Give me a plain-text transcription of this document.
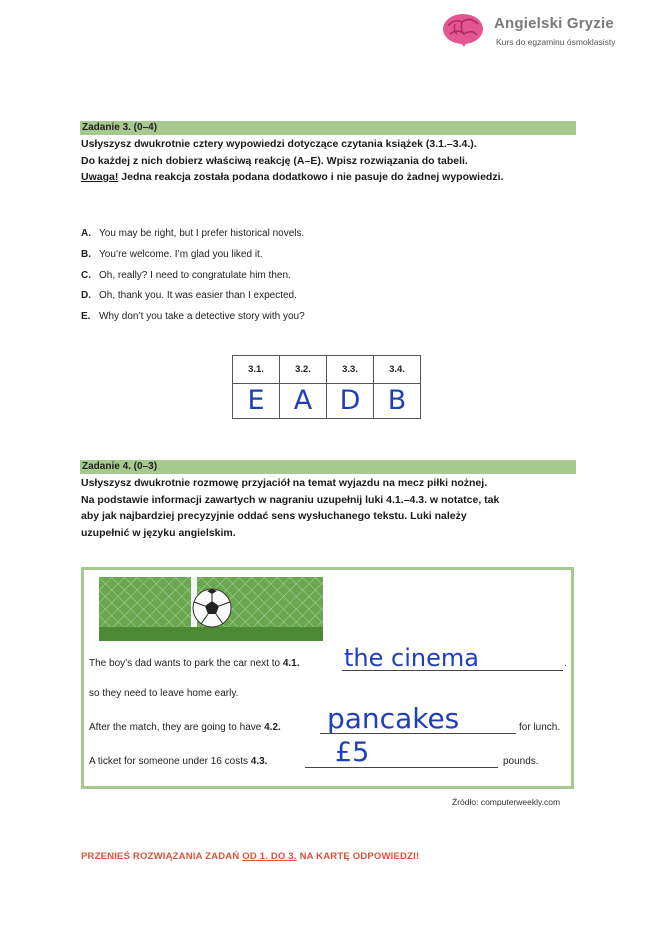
Angielski Gryzie
Kurs do egzaminu ósmoklasisty
Zadanie 3. (0–4)

Usłyszysz dwukrotnie cztery wypowiedzi dotyczące czytania książek (3.1.–3.4.).

Do każdej z nich dobierz właściwą reakcję (A–E). Wpisz rozwiązania do tabeli.

Uwaga! Jedna reakcja została podana dodatkowo i nie pasuje do żadnej wypowiedzi.

A. You may be right, but I prefer historical novels.
B. You’re welcome. I’m glad you liked it.
C. Oh, really? I need to congratulate him then.
D. Oh, thank you. It was easier than I expected.
E. Why don’t you take a detective story with you?
3.1.	3.2.	3.3.	3.4.
E	A	D	B
Zadanie 4. (0–3)

Usłyszysz dwukrotnie rozmowę przyjaciół na temat wyjazdu na mecz piłki nożnej.

Na podstawie informacji zawartych w nagraniu uzupełnij luki 4.1.–4.3. w notatce, tak

aby jak najbardziej precyzyjnie oddać sens wysłuchanego tekstu. Luki należy

uzupełnić w języku angielskim.

The boy’s dad wants to park the car next to 4.1. the cinema	.
so they need to leave home early.
After the match, they are going to have 4.2. pancakes	for lunch.
A ticket for someone under 16 costs 4.3.	£5	pounds.
Źródło: computerweekly.com
PRZENIEŚ ROZWIĄZANIA ZADAŃ OD 1. DO 3. NA KARTĘ ODPOWIEDZI!
